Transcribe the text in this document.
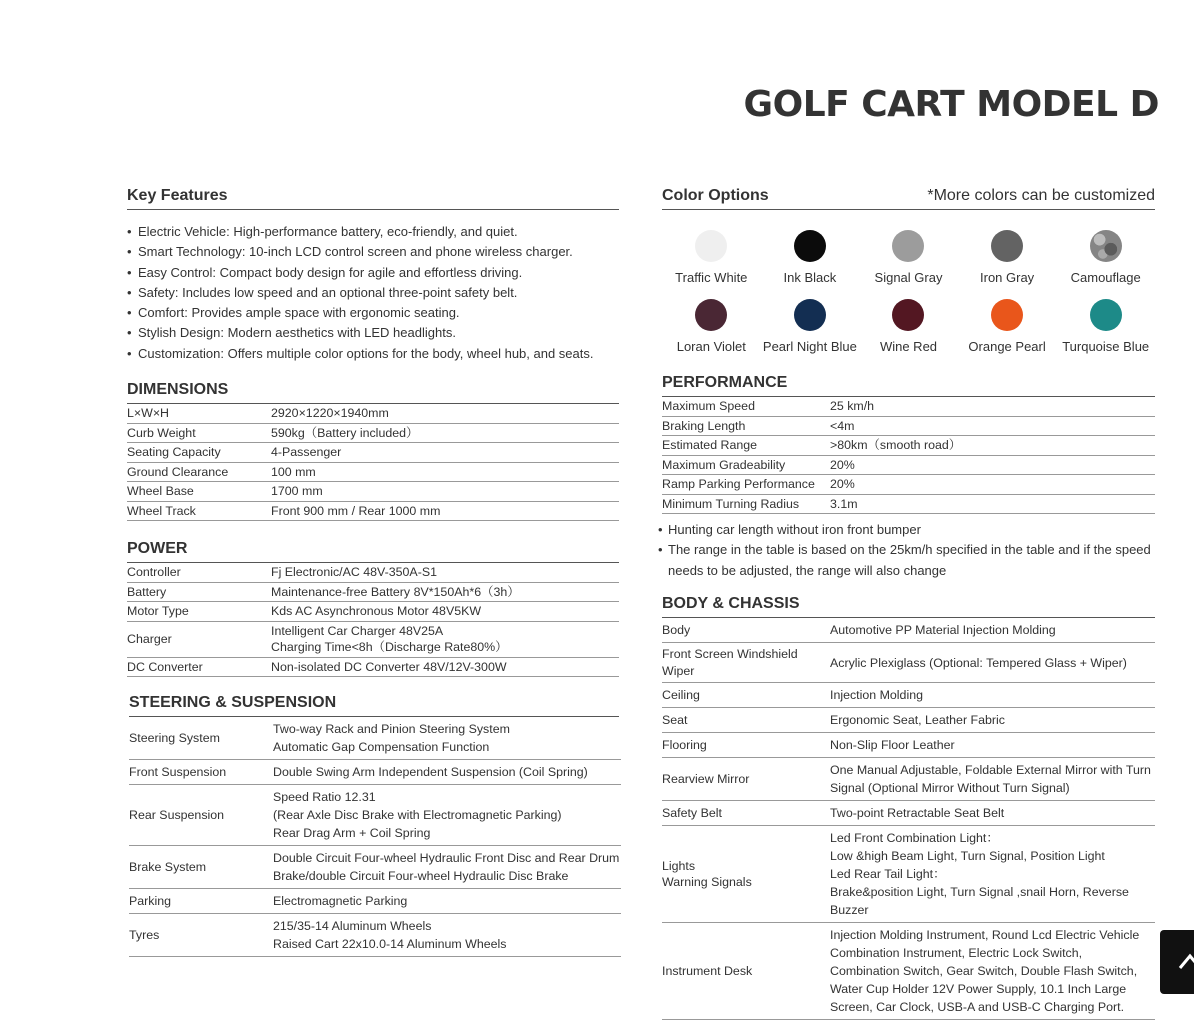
GOLF CART MODEL D
Key Features
• Electric Vehicle: High-performance battery, eco-friendly, and quiet.
• Smart Technology: 10-inch LCD control screen and phone wireless charger.
• Easy Control: Compact body design for agile and effortless driving.
• Safety: Includes low speed and an optional three-point safety belt.
• Comfort: Provides ample space with ergonomic seating.
• Stylish Design: Modern aesthetics with LED headlights.
• Customization: Offers multiple color options for the body, wheel hub, and seats.
DIMENSIONS
L×W×H	2920×1220×1940mm

Curb Weight	590kg（Battery included）

Seating Capacity	4-Passenger

Ground Clearance	100 mm

Wheel Base	1700 mm

Wheel Track	Front 900 mm / Rear 1000 mm
POWER
Controller	Fj Electronic/AC 48V-350A-S1

Battery	Maintenance-free Battery 8V*150Ah*6（3h）

Motor Type	Kds AC Asynchronous Motor 48V5KW

Charger	Intelligent Car Charger 48V25A
Charging Time<8h（Discharge Rate80%）

DC Converter	Non-isolated DC Converter 48V/12V-300W
STEERING & SUSPENSION
Steering System	Two-way Rack and Pinion Steering System
Automatic Gap Compensation Function

Front Suspension	Double Swing Arm Independent Suspension (Coil Spring)

Rear Suspension	Speed Ratio 12.31
(Rear Axle Disc Brake with Electromagnetic Parking)
Rear Drag Arm + Coil Spring

Brake System	Double Circuit Four-wheel Hydraulic Front Disc and Rear Drum
Brake/double Circuit Four-wheel Hydraulic Disc Brake

Parking	Electromagnetic Parking

Tyres	215/35-14 Aluminum Wheels
Raised Cart 22x10.0-14 Aluminum Wheels
Color Options	*More colors can be customized
Traffic White	Ink Black	Signal Gray	Iron Gray	Camouflage
Loran Violet Pearl Night Blue Wine Red Orange Pearl Turquoise Blue
PERFORMANCE
Maximum Speed	25 km/h

Braking Length	<4m

Estimated Range	>80km（smooth road）

Maximum Gradeability	20%

Ramp Parking Performance	20%

Minimum Turning Radius	3.1m
• Hunting car length without iron front bumper
• The range in the table is based on the 25km/h specified in the table and if the speed needs to be adjusted, the range will also change
BODY & CHASSIS
Body	Automotive PP Material Injection Molding

Front Screen Windshield Wiper	Acrylic Plexiglass (Optional: Tempered Glass + Wiper)

Ceiling	Injection Molding

Seat	Ergonomic Seat, Leather Fabric

Flooring	Non-Slip Floor Leather

Rearview Mirror	One Manual Adjustable, Foldable External Mirror with Turn Signal (Optional Mirror Without Turn Signal)

Safety Belt	Two-point Retractable Seat Belt

Lights
Warning Signals	Led Front Combination Light：
Low &high Beam Light, Turn Signal, Position Light
Led Rear Tail Light：
Brake&position Light, Turn Signal ,snail Horn, Reverse Buzzer

Instrument Desk	Injection Molding Instrument, Round Lcd Electric Vehicle Combination Instrument, Electric Lock Switch, Combination Switch, Gear Switch, Double Flash Switch, Water Cup Holder 12V Power Supply, 10.1 Inch Large Screen, Car Clock, USB-A and USB-C Charging Port.
